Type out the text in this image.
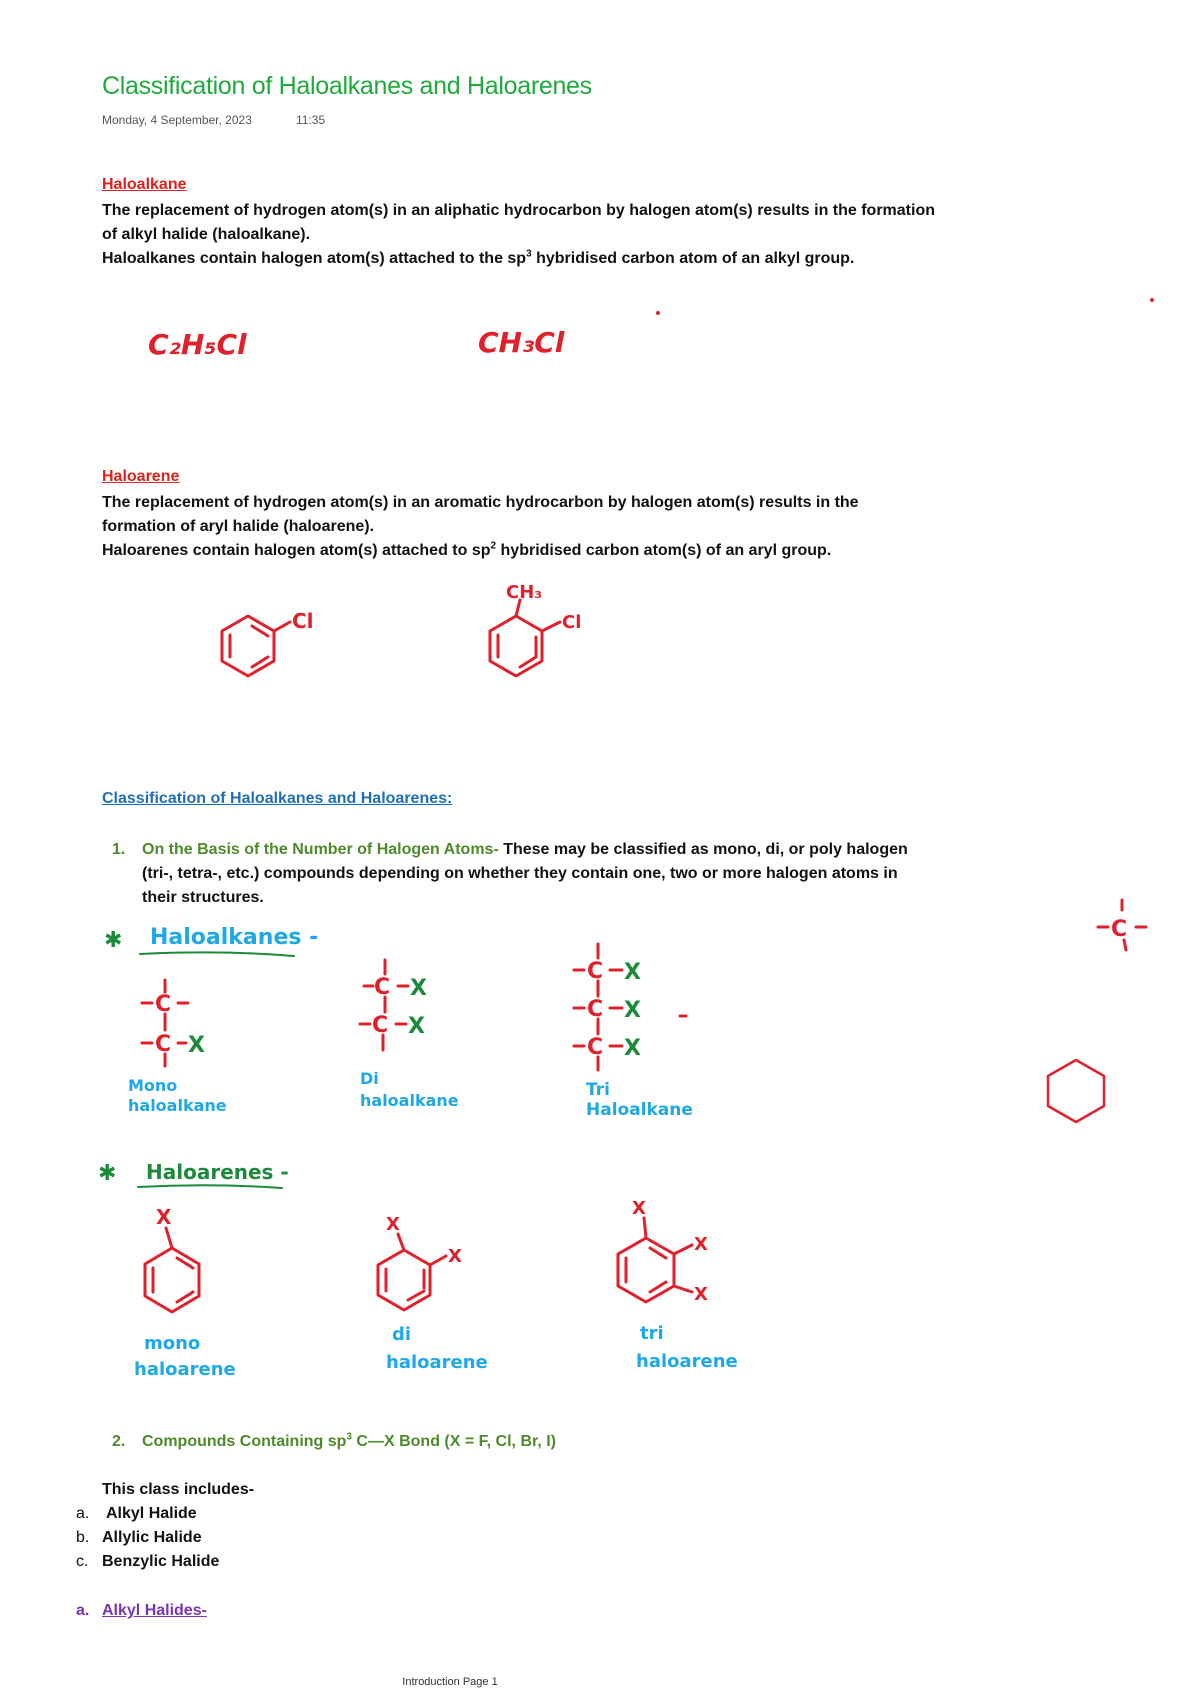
Classification of Haloalkanes and Haloarenes
Monday, 4 September, 2023	11:35
Haloalkane
The replacement of hydrogen atom(s) in an aliphatic hydrocarbon by halogen atom(s) results in the formation
of alkyl halide (haloalkane).
Haloalkanes contain halogen atom(s) attached to the $sp^3$ hybridised carbon atom of an alkyl group.
C₂H₅Cl	CH₃Cl
Haloarene
The replacement of hydrogen atom(s) in an aromatic hydrocarbon by halogen atom(s) results in the
formation of aryl halide (haloarene).
Haloarenes contain halogen atom(s) attached to $sp^2$ hybridised carbon atom(s) of an aryl group.
Classification of Haloalkanes and Haloarenes:
1. On the Basis of the Number of Halogen Atoms- These may be classified as mono, di, or poly halogen
(tri-, tetra-, etc.) compounds depending on whether they contain one, two or more halogen atoms in
their structures.
✱ Haloalkanes -
✱ Haloarenes -
Mono
haloalkane
Di
haloalkane
Tri
Haloalkane
mono
haloarene
di
haloarene
tri
haloarene
2. Compounds Containing $sp^3$ C—X Bond (X = F, Cl, Br, I)
This class includes-
a. Alkyl Halide
b. Allylic Halide
c. Benzylic Halide
a. Alkyl Halides-
Introduction Page 1
Cl
CH₃
Cl
C
C X
C
C
X
X
C
C
C
X
X
X
C
X	X
X
X
X
X
